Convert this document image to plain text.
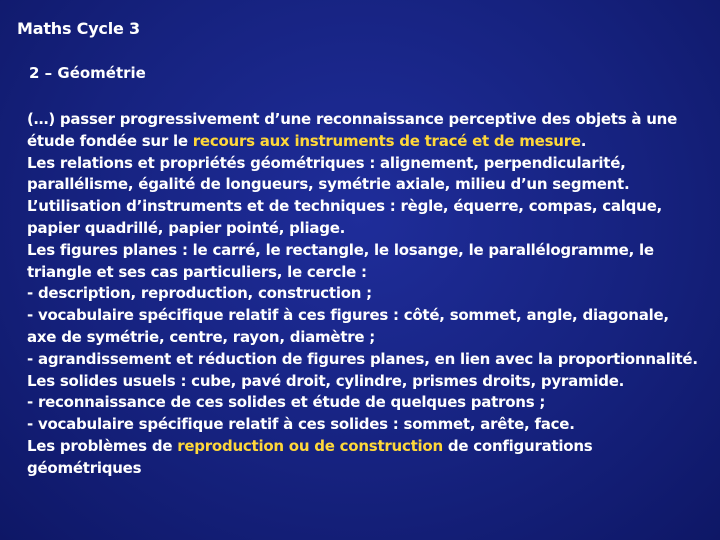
Maths Cycle 3
2 – Géométrie
(…) passer progressivement d’une reconnaissance perceptive des objets à une étude fondée sur le recours aux instruments de tracé et de mesure.
Les relations et propriétés géométriques : alignement, perpendicularité, parallélisme, égalité de longueurs, symétrie axiale, milieu d’un segment.
L’utilisation d’instruments et de techniques : règle, équerre, compas, calque, papier quadrillé, papier pointé, pliage.
Les figures planes : le carré, le rectangle, le losange, le parallélogramme, le triangle et ses cas particuliers, le cercle :
- description, reproduction, construction ;
- vocabulaire spécifique relatif à ces figures : côté, sommet, angle, diagonale, axe de symétrie, centre, rayon, diamètre ;
- agrandissement et réduction de figures planes, en lien avec la proportionnalité.
Les solides usuels : cube, pavé droit, cylindre, prismes droits, pyramide.
- reconnaissance de ces solides et étude de quelques patrons ;
- vocabulaire spécifique relatif à ces solides : sommet, arête, face.
Les problèmes de reproduction ou de construction de configurations géométriques
